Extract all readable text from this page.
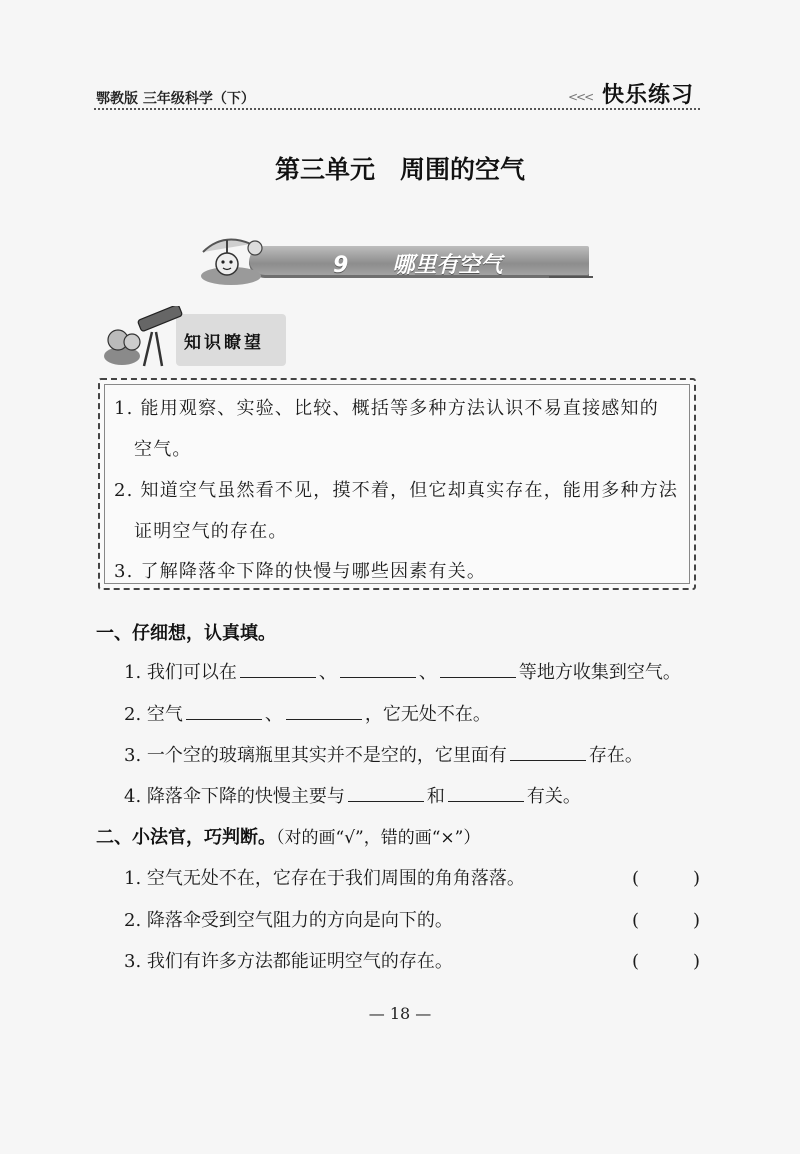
鄂教版 三年级科学（下）	<<< 快乐练习
第三单元　周围的空气
9　　 哪里有空气
知识瞭望
1. 能用观察、实验、比较、概括等多种方法认识不易直接感知的
空气。
2. 知道空气虽然看不见，摸不着，但它却真实存在，能用多种方法
证明空气的存在。
3. 了解降落伞下降的快慢与哪些因素有关。
一、仔细想，认真填。
1. 我们可以在	、	、	等地方收集到空气。
2. 空气	、	，它无处不在。
3. 一个空的玻璃瓶里其实并不是空的，它里面有	存在。
4. 降落伞下降的快慢主要与	和	有关。
二、小法官，巧判断。（对的画“√”，错的画“×”）
1. 空气无处不在，它存在于我们周围的角角落落。	(　　　)
2. 降落伞受到空气阻力的方向是向下的。	(　　　)
3. 我们有许多方法都能证明空气的存在。	(　　　)
— 18 —
